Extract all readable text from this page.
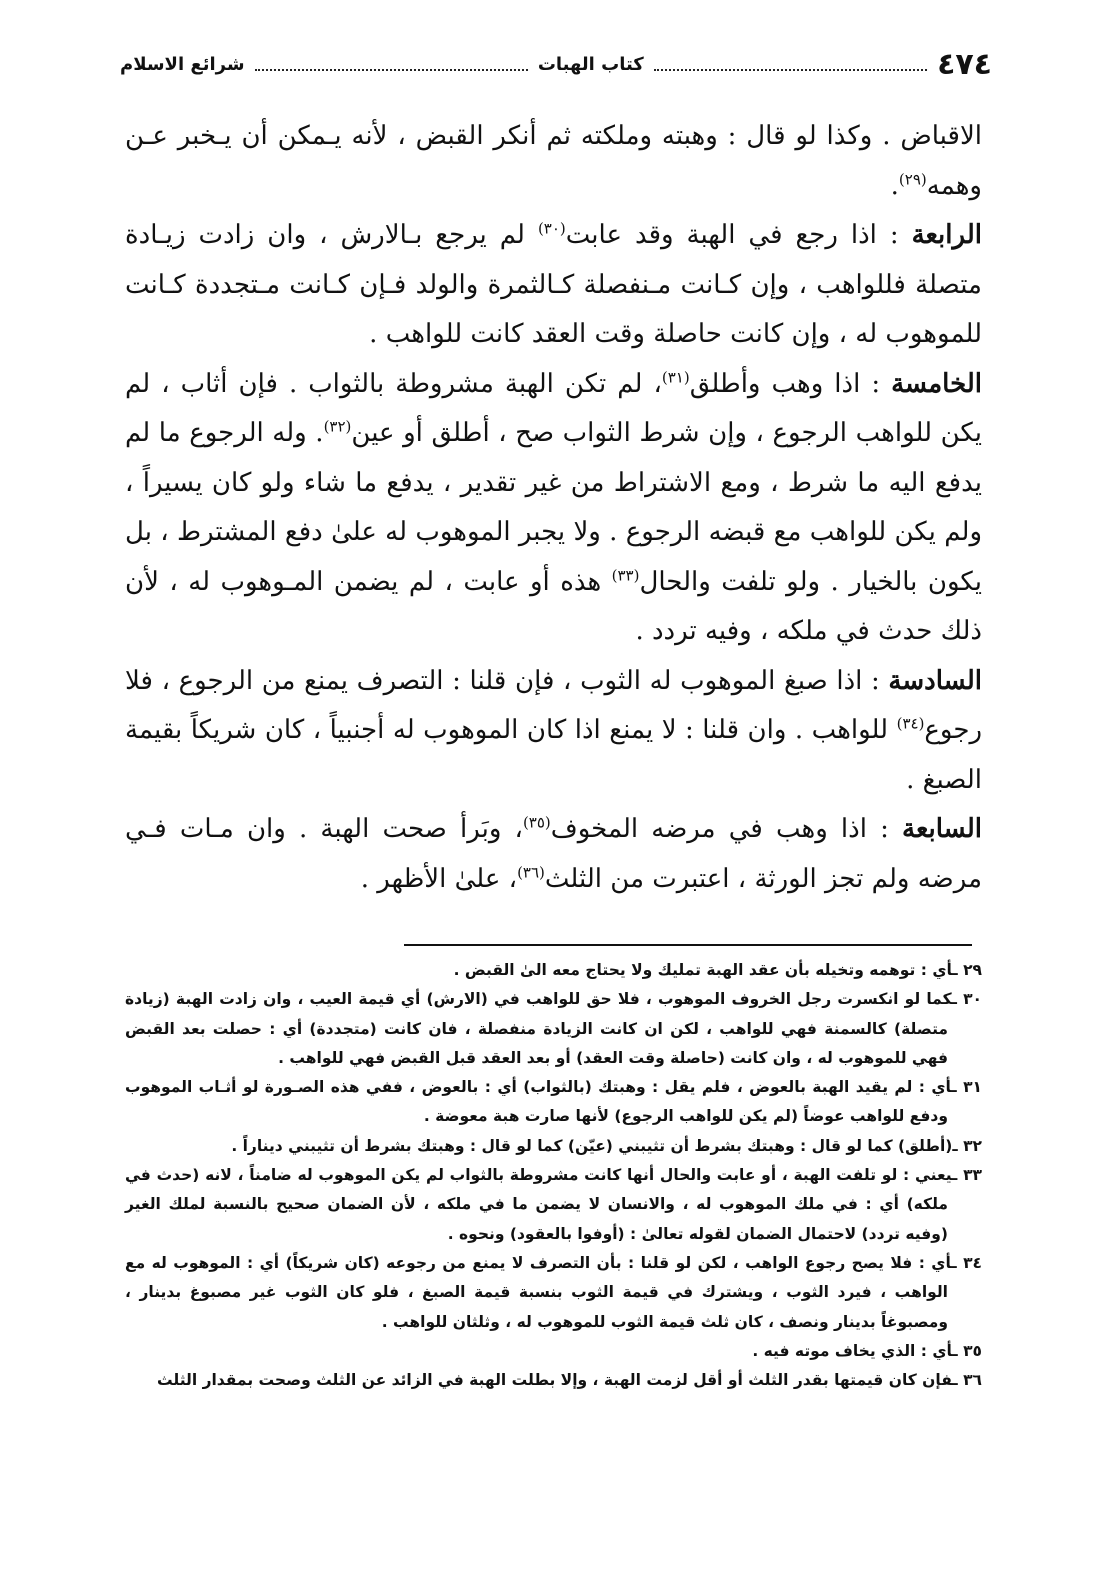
٤٧٤
كتاب الهبات
شرائع الاسلام

الاقباض . وكذا لو قال : وهبته وملكته ثم أنكر القبض ، لأنه يـمكن أن يـخبر عـن وهمه$^{(٢٩)}$.

الرابعة : اذا رجع في الهبة وقد عابت$^{(٣٠)}$ لم يرجع بـالارش ، وان زادت زيـادة متصلة فللواهب ، وإن كـانت مـنفصلة كـالثمرة والولد فـإن كـانت مـتجددة كـانت للموهوب له ، وإن كانت حاصلة وقت العقد كانت للواهب .

الخامسة : اذا وهب وأطلق$^{(٣١)}$، لم تكن الهبة مشروطة بالثواب . فإن أثاب ، لم يكن للواهب الرجوع ، وإن شرط الثواب صح ، أطلق أو عين$^{(٣٢)}$. وله الرجوع ما لم يدفع اليه ما شرط ، ومع الاشتراط من غير تقدير ، يدفع ما شاء ولو كان يسيراً ، ولم يكن للواهب مع قبضه الرجوع . ولا يجبر الموهوب له علىٰ دفع المشترط ، بل يكون بالخيار . ولو تلفت والحال$^{(٣٣)}$ هذه أو عابت ، لم يضمن المـوهوب له ، لأن ذلك حدث في ملكه ، وفيه تردد .

السادسة : اذا صبغ الموهوب له الثوب ، فإن قلنا : التصرف يمنع من الرجوع ، فلا رجوع$^{(٣٤)}$ للواهب . وان قلنا : لا يمنع اذا كان الموهوب له أجنبياً ، كان شريكاً بقيمة الصبغ .

السابعة : اذا وهب في مرضه المخوف$^{(٣٥)}$، وبَرأ صحت الهبة . وان مـات فـي مرضه ولم تجز الورثة ، اعتبرت من الثلث$^{(٣٦)}$، علىٰ الأظهر .

٢٩ ـأي : توهمه وتخيله بأن عقد الهبة تمليك ولا يحتاج معه الىٰ القبض .

٣٠ ـكما لو انكسرت رجل الخروف الموهوب ، فلا حق للواهب في (الارش) أي قيمة العيب ، وان زادت الهبة (زيادة متصلة) كالسمنة فهي للواهب ، لكن ان كانت الزيادة منفصلة ، فان كانت (متجددة) أي : حصلت بعد القبض فهي للموهوب له ، وان كانت (حاصلة وقت العقد) أو بعد العقد قبل القبض فهي للواهب .

٣١ ـأي : لم يقيد الهبة بالعوض ، فلم يقل : وهبتك (بالثواب) أي : بالعوض ، ففي هذه الصـورة لو أثـاب الموهوب ودفع للواهب عوضاً (لم يكن للواهب الرجوع) لأنها صارت هبة معوضة .

٣٢ ـ(أطلق) كما لو قال : وهبتك بشرط أن تثيبني (عيّن) كما لو قال : وهبتك بشرط أن تثيبني ديناراً .

٣٣ ـيعني : لو تلفت الهبة ، أو عابت والحال أنها كانت مشروطة بالثواب لم يكن الموهوب له ضامناً ، لانه (حدث في ملكه) أي : في ملك الموهوب له ، والانسان لا يضمن ما في ملكه ، لأن الضمان صحيح بالنسبة لملك الغير (وفيه تردد) لاحتمال الضمان لقوله تعالىٰ : (أوفوا بالعقود) ونحوه .

٣٤ ـأي : فلا يصح رجوع الواهب ، لكن لو قلنا : بأن التصرف لا يمنع من رجوعه (كان شريكاً) أي : الموهوب له مع الواهب ، فيرد الثوب ، ويشترك في قيمة الثوب بنسبة قيمة الصبغ ، فلو كان الثوب غير مصبوغ بدينار ، ومصبوغاً بدينار ونصف ، كان ثلث قيمة الثوب للموهوب له ، وثلثان للواهب .

٣٥ ـأي : الذي يخاف موته فيه .

٣٦ ـفإن كان قيمتها بقدر الثلث أو أقل لزمت الهبة ، وإلا بطلت الهبة في الزائد عن الثلث وصحت بمقدار الثلث
